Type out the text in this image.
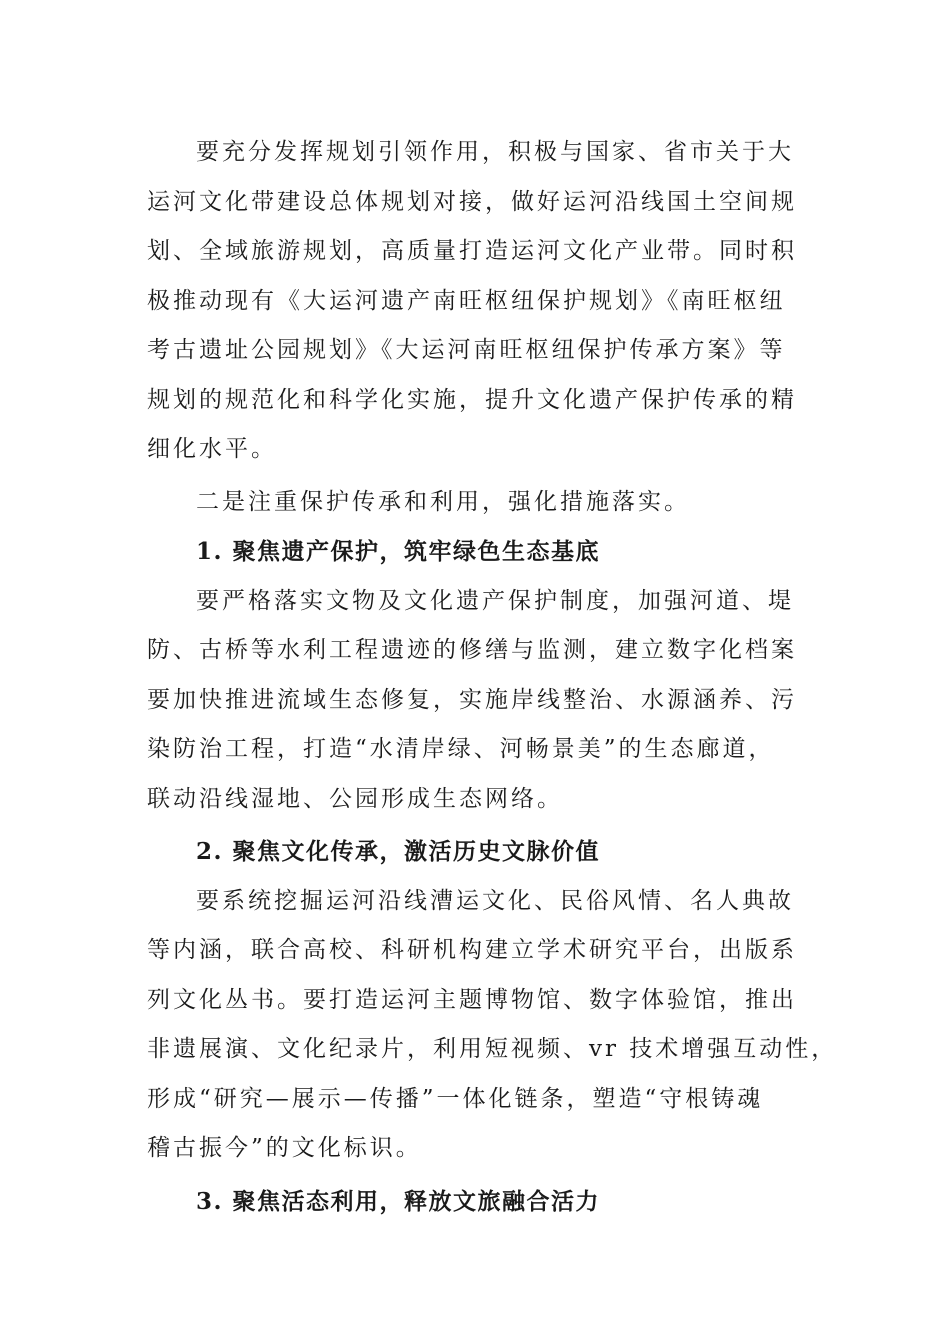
要充分发挥规划引领作用，积极与国家、省市关于大
运河文化带建设总体规划对接，做好运河沿线国土空间规
划、全域旅游规划，高质量打造运河文化产业带。同时积
极推动现有《大运河遗产南旺枢纽保护规划》《南旺枢纽
考古遗址公园规划》《大运河南旺枢纽保护传承方案》等
规划的规范化和科学化实施，提升文化遗产保护传承的精
细化水平。
二是注重保护传承和利用，强化措施落实。
1. 聚焦遗产保护，筑牢绿色生态基底
要严格落实文物及文化遗产保护制度，加强河道、堤
防、古桥等水利工程遗迹的修缮与监测，建立数字化档案
要加快推进流域生态修复，实施岸线整治、水源涵养、污
染防治工程，打造“水清岸绿、河畅景美”的生态廊道，
联动沿线湿地、公园形成生态网络。
2. 聚焦文化传承，激活历史文脉价值
要系统挖掘运河沿线漕运文化、民俗风情、名人典故
等内涵，联合高校、科研机构建立学术研究平台，出版系
列文化丛书。要打造运河主题博物馆、数字体验馆，推出
非遗展演、文化纪录片，利用短视频、vr 技术增强互动性，
形成“研究—展示—传播”一体化链条，塑造“守根铸魂
稽古振今”的文化标识。
3. 聚焦活态利用，释放文旅融合活力
